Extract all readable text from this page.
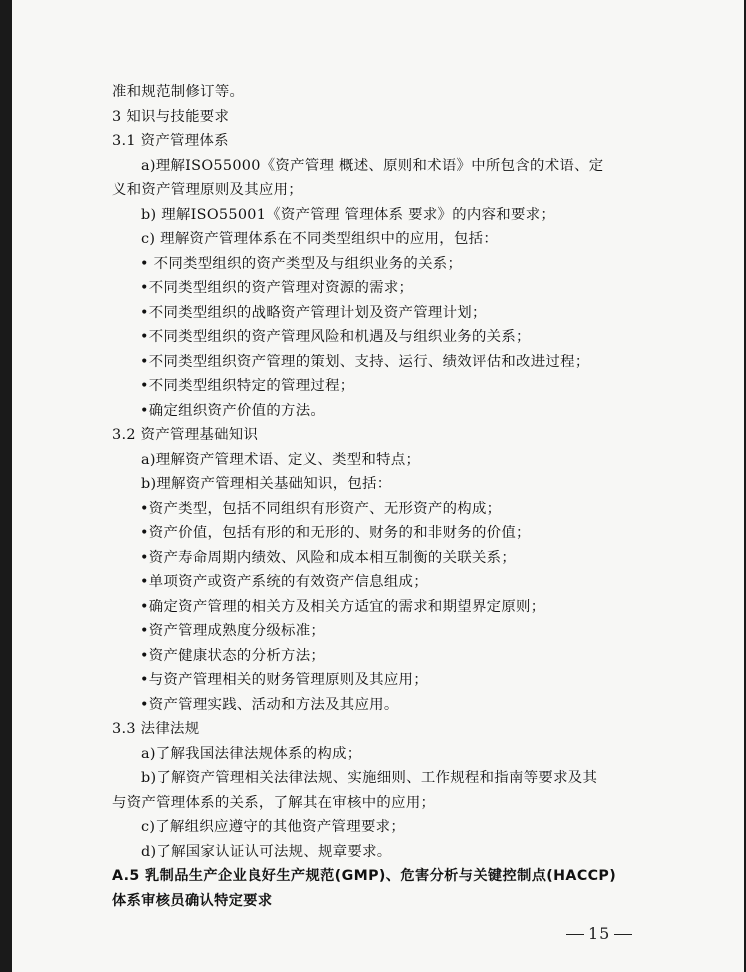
准和规范制修订等。
3 知识与技能要求
3.1 资产管理体系
a)理解ISO55000《资产管理 概述、原则和术语》中所包含的术语、定
义和资产管理原则及其应用；
b) 理解ISO55001《资产管理 管理体系 要求》的内容和要求；
c) 理解资产管理体系在不同类型组织中的应用，包括：
• 不同类型组织的资产类型及与组织业务的关系；
•不同类型组织的资产管理对资源的需求；
•不同类型组织的战略资产管理计划及资产管理计划；
•不同类型组织的资产管理风险和机遇及与组织业务的关系；
•不同类型组织资产管理的策划、支持、运行、绩效评估和改进过程；
•不同类型组织特定的管理过程；
•确定组织资产价值的方法。
3.2 资产管理基础知识
a)理解资产管理术语、定义、类型和特点；
b)理解资产管理相关基础知识，包括：
•资产类型，包括不同组织有形资产、无形资产的构成；
•资产价值，包括有形的和无形的、财务的和非财务的价值；
•资产寿命周期内绩效、风险和成本相互制衡的关联关系；
•单项资产或资产系统的有效资产信息组成；
•确定资产管理的相关方及相关方适宜的需求和期望界定原则；
•资产管理成熟度分级标准；
•资产健康状态的分析方法；
•与资产管理相关的财务管理原则及其应用；
•资产管理实践、活动和方法及其应用。
3.3 法律法规
a)了解我国法律法规体系的构成；
b)了解资产管理相关法律法规、实施细则、工作规程和指南等要求及其
与资产管理体系的关系，了解其在审核中的应用；
c)了解组织应遵守的其他资产管理要求；
d)了解国家认证认可法规、规章要求。
A.5 乳制品生产企业良好生产规范(GMP)、危害分析与关键控制点(HACCP)
体系审核员确认特定要求
15
